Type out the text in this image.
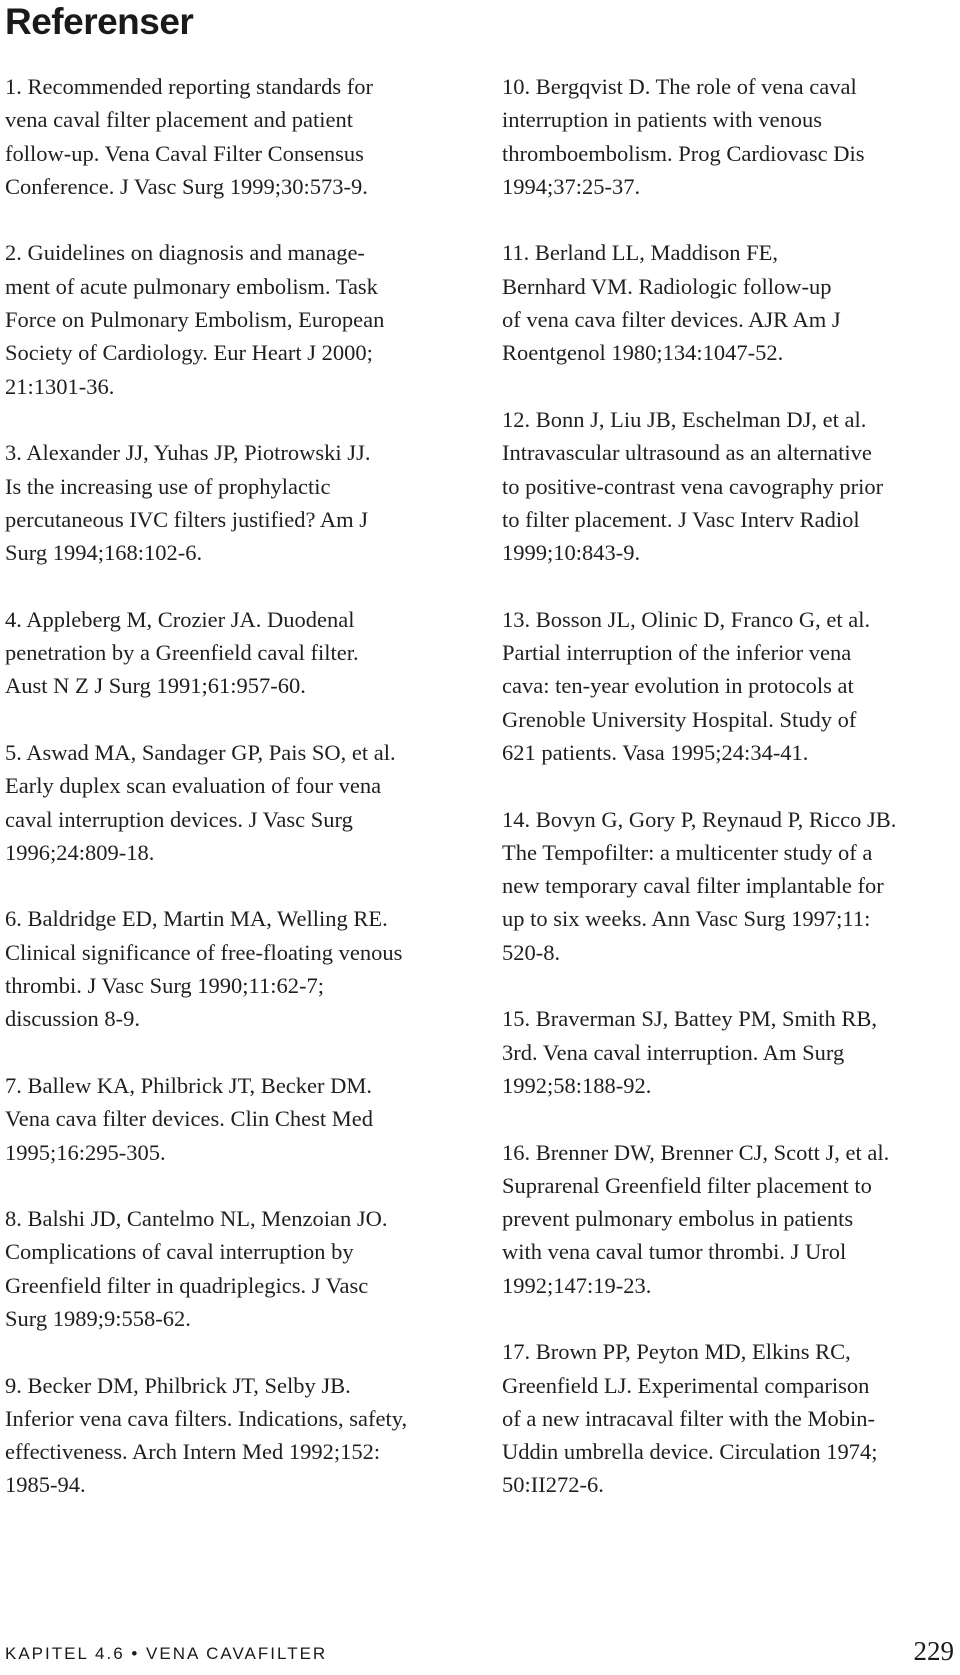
Referenser
1. Recommended reporting standards for
vena caval filter placement and patient
follow-up. Vena Caval Filter Consensus
Conference. J Vasc Surg 1999;30:573-9.
2. Guidelines on diagnosis and manage-
ment of acute pulmonary embolism. Task
Force on Pulmonary Embolism, European
Society of Cardiology. Eur Heart J 2000;
21:1301-36.
3. Alexander JJ, Yuhas JP, Piotrowski JJ.
Is the increasing use of prophylactic
percutaneous IVC filters justified? Am J
Surg 1994;168:102-6.
4. Appleberg M, Crozier JA. Duodenal
penetration by a Greenfield caval filter.
Aust N Z J Surg 1991;61:957-60.
5. Aswad MA, Sandager GP, Pais SO, et al.
Early duplex scan evaluation of four vena
caval interruption devices. J Vasc Surg
1996;24:809-18.
6. Baldridge ED, Martin MA, Welling RE.
Clinical significance of free-floating venous
thrombi. J Vasc Surg 1990;11:62-7;
discussion 8-9.
7. Ballew KA, Philbrick JT, Becker DM.
Vena cava filter devices. Clin Chest Med
1995;16:295-305.
8. Balshi JD, Cantelmo NL, Menzoian JO.
Complications of caval interruption by
Greenfield filter in quadriplegics. J Vasc
Surg 1989;9:558-62.
9. Becker DM, Philbrick JT, Selby JB.
Inferior vena cava filters. Indications, safety,
effectiveness. Arch Intern Med 1992;152:
1985-94.
10. Bergqvist D. The role of vena caval
interruption in patients with venous
thromboembolism. Prog Cardiovasc Dis
1994;37:25-37.
11. Berland LL, Maddison FE,
Bernhard VM. Radiologic follow-up
of vena cava filter devices. AJR Am J
Roentgenol 1980;134:1047-52.
12. Bonn J, Liu JB, Eschelman DJ, et al.
Intravascular ultrasound as an alternative
to positive-contrast vena cavography prior
to filter placement. J Vasc Interv Radiol
1999;10:843-9.
13. Bosson JL, Olinic D, Franco G, et al.
Partial interruption of the inferior vena
cava: ten-year evolution in protocols at
Grenoble University Hospital. Study of
621 patients. Vasa 1995;24:34-41.
14. Bovyn G, Gory P, Reynaud P, Ricco JB.
The Tempofilter: a multicenter study of a
new temporary caval filter implantable for
up to six weeks. Ann Vasc Surg 1997;11:
520-8.
15. Braverman SJ, Battey PM, Smith RB,
3rd. Vena caval interruption. Am Surg
1992;58:188-92.
16. Brenner DW, Brenner CJ, Scott J, et al.
Suprarenal Greenfield filter placement to
prevent pulmonary embolus in patients
with vena caval tumor thrombi. J Urol
1992;147:19-23.
17. Brown PP, Peyton MD, Elkins RC,
Greenfield LJ. Experimental comparison
of a new intracaval filter with the Mobin-
Uddin umbrella device. Circulation 1974;
50:II272-6.
KAPITEL 4.6 • VENA CAVAFILTER	229
